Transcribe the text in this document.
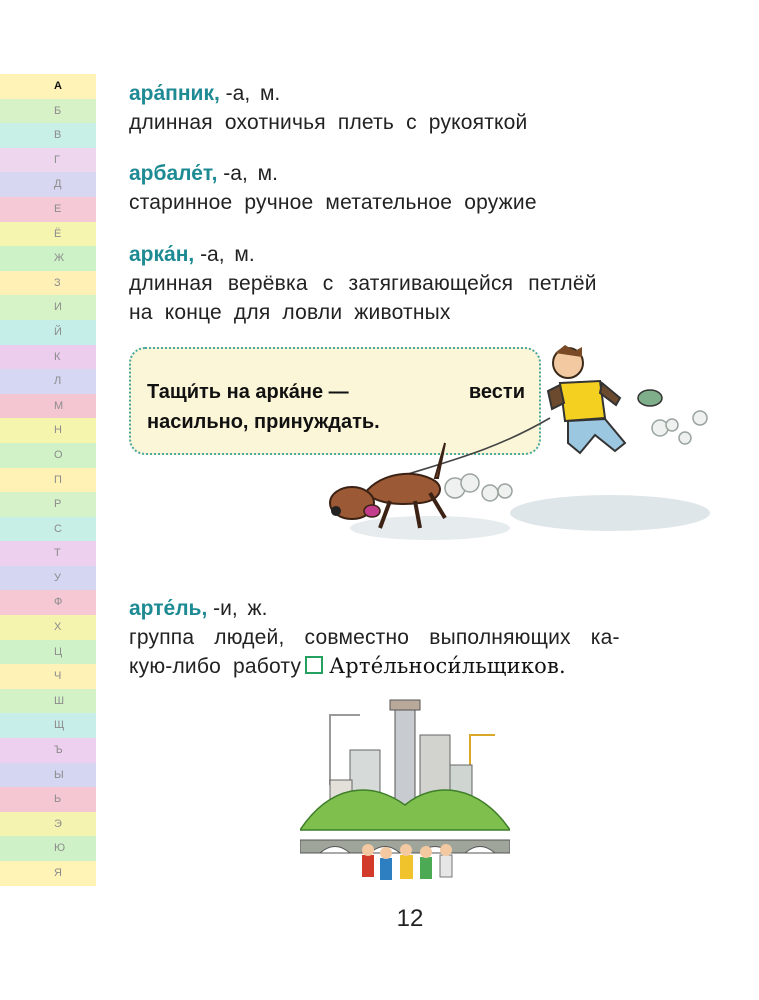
А
Б
В
Г
Д
Е
Ё
Ж
З
И
Й
К
Л
М
Н
О
П
Р
С
Т
У
Ф
Х
Ц
Ч
Ш
Щ
Ъ
Ы
Ь
Э
Ю
Я
ара́пник, -а, м.
длинная охотничья плеть с рукояткой
арбале́т, -а, м.
старинное ручное метательное оружие
арка́н, -а, м.
длинная верёвка с затягивающейся петлёй
на конце для ловли животных
Тащи́ть на арка́не —	вести
насильно, принуждать.
арте́ль, -и, ж.
группа людей, совместно выполняющих ка-
кую-либо работу Арте́льноси́льщиков.
12
